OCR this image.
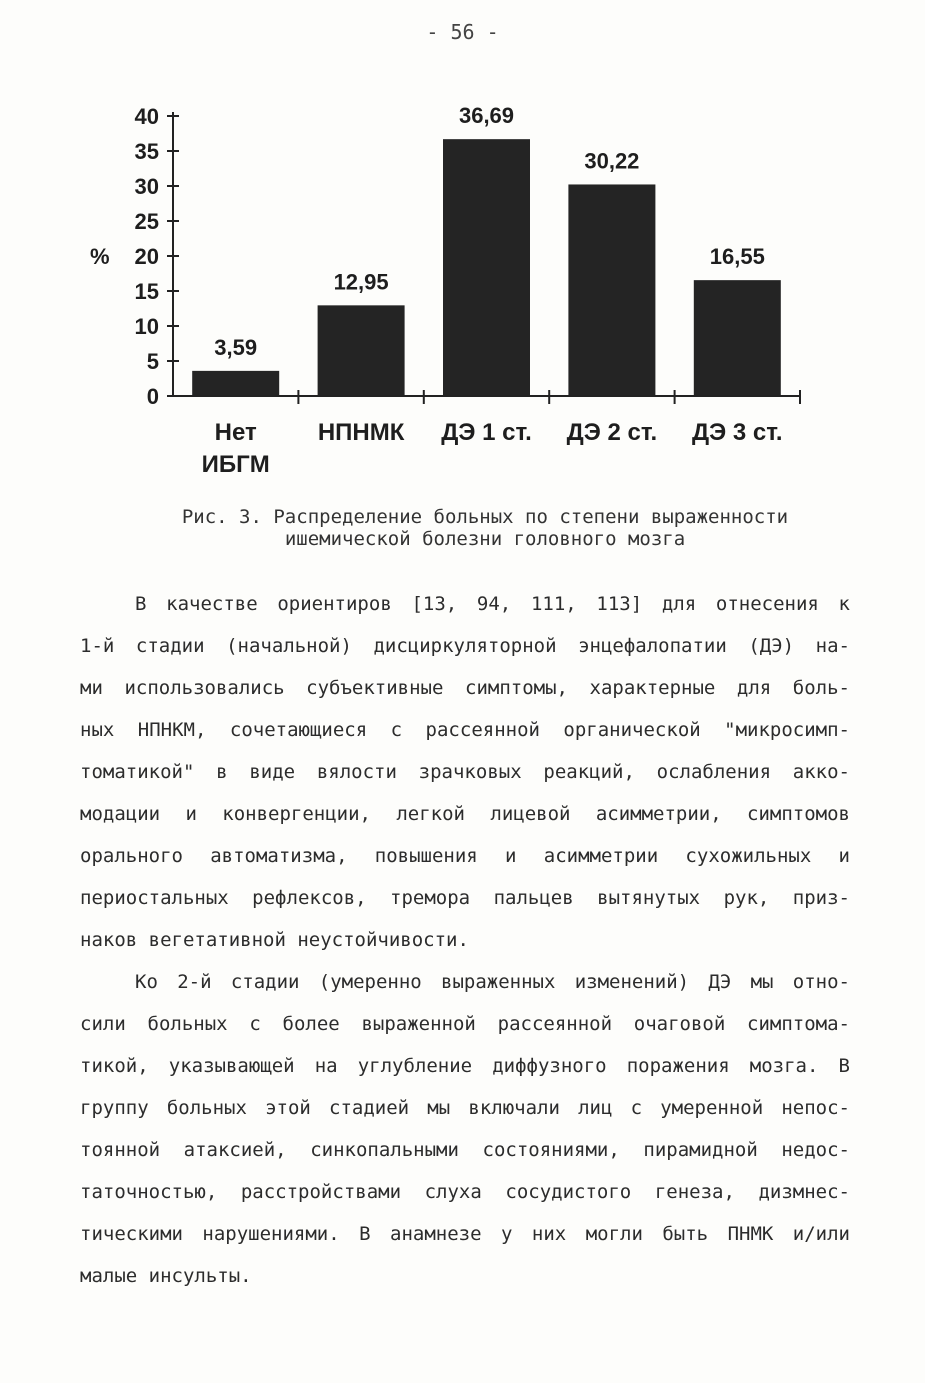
- 56 -
0
5
10
15
20
25
30
35
40
3,59
12,95
36,69
30,22
16,55
Нет
ИБГМ
НПНМК ДЭ 1 ст. ДЭ 2 ст. ДЭ 3 ст.
%
Рис. 3. Распределение больных по степени выраженности
ишемической болезни головного мозга
В качестве ориентиров [13, 94, 111, 113] для отнесения к
1-й стадии (начальной) дисциркуляторной энцефалопатии (ДЭ) на-
ми использовались субъективные симптомы, характерные для боль-
ных НПНКМ, сочетающиеся с рассеянной органической "микросимп-
томатикой" в виде вялости зрачковых реакций, ослабления акко-
модации и конвергенции, легкой лицевой асимметрии, симптомов
орального автоматизма, повышения и асимметрии сухожильных и
периостальных рефлексов, тремора пальцев вытянутых рук, приз-
наков вегетативной неустойчивости.
Ко 2-й стадии (умеренно выраженных изменений) ДЭ мы отно-
сили больных с более выраженной рассеянной очаговой симптома-
тикой, указывающей на углубление диффузного поражения мозга. В
группу больных этой стадией мы включали лиц с умеренной непос-
тоянной атаксией, синкопальными состояниями, пирамидной недос-
таточностью, расстройствами слуха сосудистого генеза, дизмнес-
тическими нарушениями. В анамнезе у них могли быть ПНМК и/или
малые инсульты.
